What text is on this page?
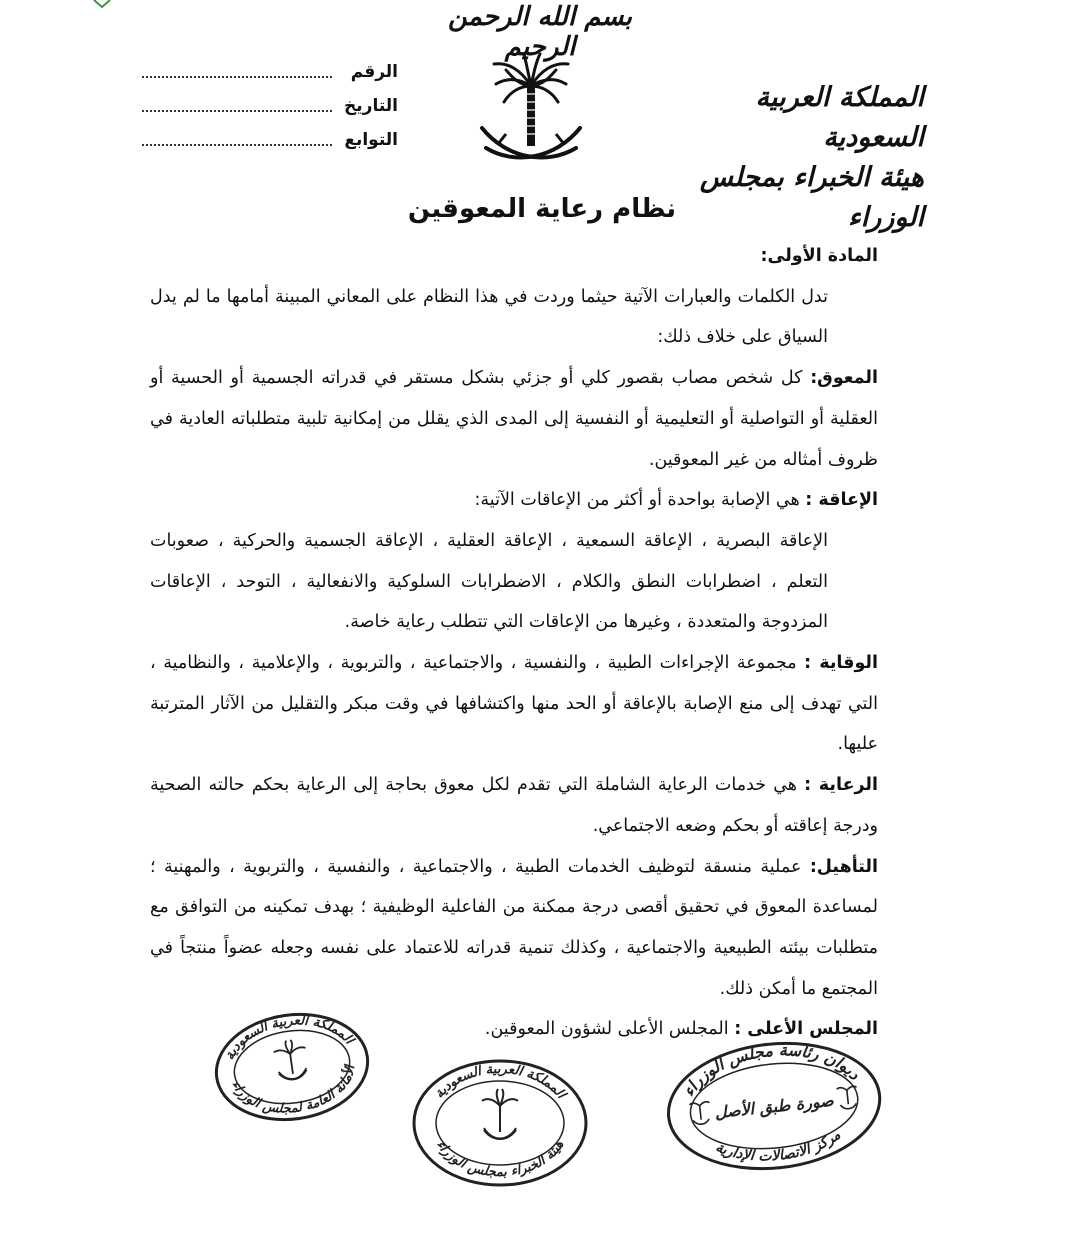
بسم الله الرحمن الرحيم
المملكة العربية السعودية
هيئة الخبراء بمجلس الوزراء
الرقم
التاريخ
التوابع
نظام رعاية المعوقين

المادة الأولى:

تدل الكلمات والعبارات الآتية حيثما وردت في هذا النظام على المعاني المبينة أمامها ما لم يدل السياق على خلاف ذلك:

المعوق: كل شخص مصاب بقصور كلي أو جزئي بشكل مستقر في قدراته الجسمية أو الحسية أو العقلية أو التواصلية أو التعليمية أو النفسية إلى المدى الذي يقلل من إمكانية تلبية متطلباته العادية في ظروف أمثاله من غير المعوقين.

الإعاقة : هي الإصابة بواحدة أو أكثر من الإعاقات الآتية:

الإعاقة البصرية ، الإعاقة السمعية ، الإعاقة العقلية ، الإعاقة الجسمية والحركية ، صعوبات التعلم ، اضطرابات النطق والكلام ، الاضطرابات السلوكية والانفعالية ، التوحد ، الإعاقات المزدوجة والمتعددة ، وغيرها من الإعاقات التي تتطلب رعاية خاصة.

الوقاية : مجموعة الإجراءات الطبية ، والنفسية ، والاجتماعية ، والتربوية ، والإعلامية ، والنظامية ، التي تهدف إلى منع الإصابة بالإعاقة أو الحد منها واكتشافها في وقت مبكر والتقليل من الآثار المترتبة عليها.

الرعاية : هي خدمات الرعاية الشاملة التي تقدم لكل معوق بحاجة إلى الرعاية بحكم حالته الصحية ودرجة إعاقته أو بحكم وضعه الاجتماعي.

التأهيل: عملية منسقة لتوظيف الخدمات الطبية ، والاجتماعية ، والنفسية ، والتربوية ، والمهنية ؛ لمساعدة المعوق في تحقيق أقصى درجة ممكنة من الفاعلية الوظيفية ؛ بهدف تمكينه من التوافق مع متطلبات بيئته الطبيعية والاجتماعية ، وكذلك تنمية قدراته للاعتماد على نفسه وجعله عضواً منتجاً في المجتمع ما أمكن ذلك.

المجلس الأعلى : المجلس الأعلى لشؤون المعوقين.

المملكة العربية السعودية
الأمانة العامة لمجلس الوزراء
المملكة العربية السعودية
هيئة الخبراء بمجلس الوزراء
ديوان رئاسة مجلس الوزراء
مركز الاتصالات الإدارية
صورة طبق الأصل
